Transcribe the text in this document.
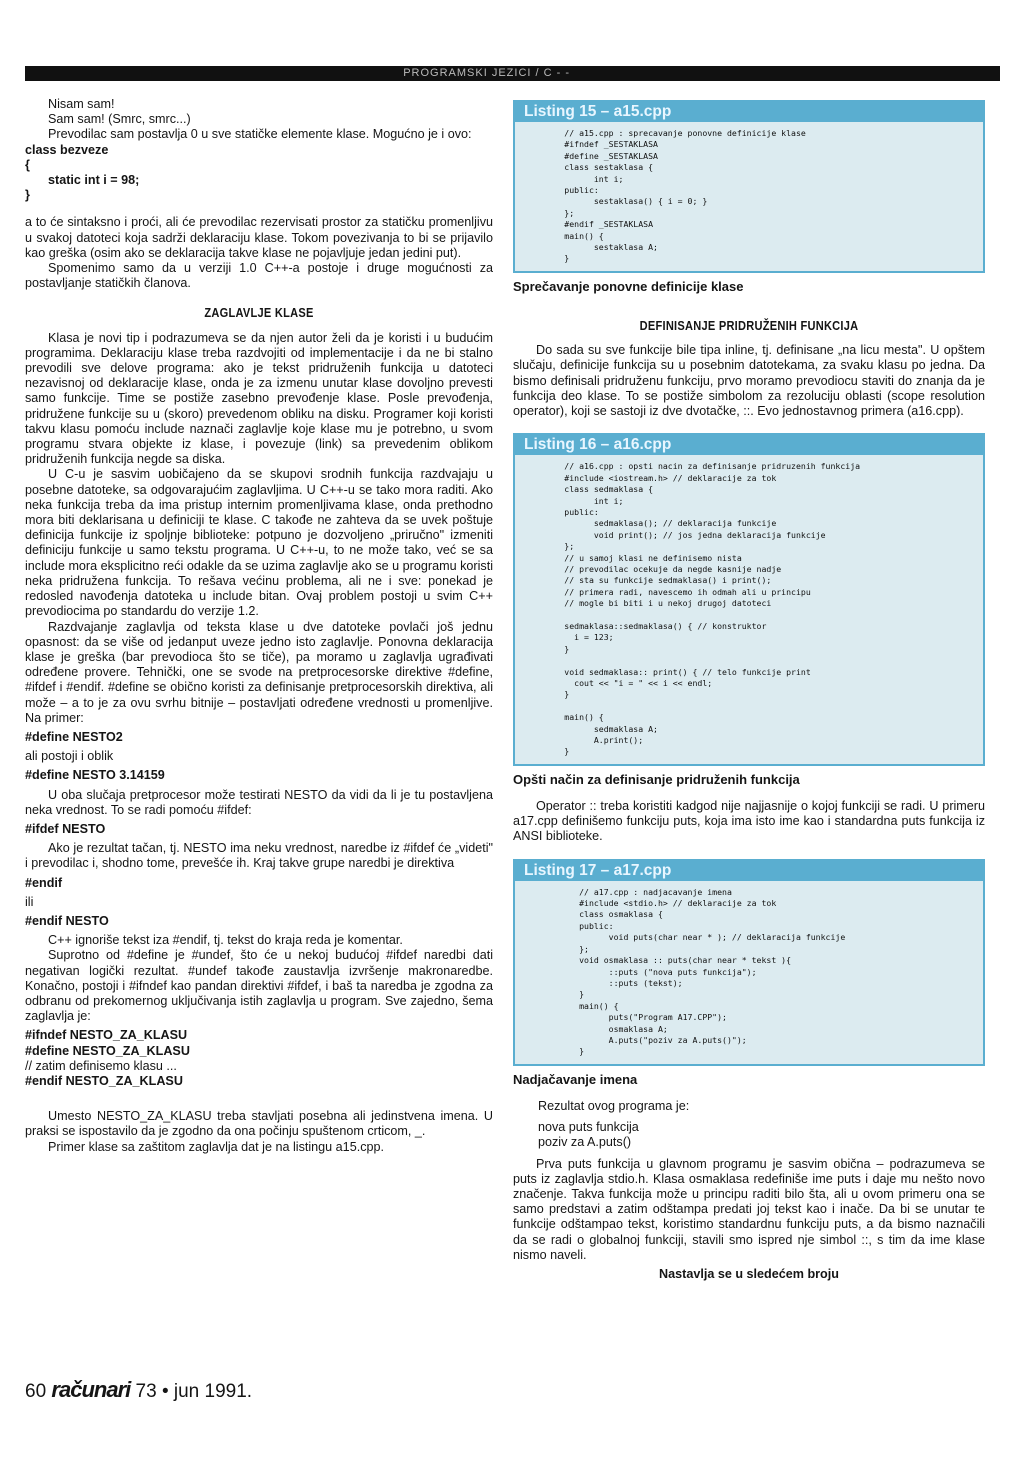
PROGRAMSKI JEZICI / C - -

Nisam sam!

Sam sam! (Smrc, smrc...)

Prevodilac sam postavlja 0 u sve statičke elemente klase. Mogućno je i ovo:

class bezveze

{

static int i = 98;

}

a to će sintaksno i proći, ali će prevodilac rezervisati prostor za statičku promenljivu u svakoj datoteci koja sadrži deklaraciju klase. Tokom povezivanja to bi se prijavilo kao greška (osim ako se deklaracija takve klase ne pojavljuje jedan jedini put).

Spomenimo samo da u verziji 1.0 C++-a postoje i druge mogućnosti za postavljanje statičkih članova.

ZAGLAVLJE KLASE

Klasa je novi tip i podrazumeva se da njen autor želi da je koristi i u budućim programima. Deklaraciju klase treba razdvojiti od implementacije i da ne bi stalno prevodili sve delove programa: ako je tekst pridruženih funkcija u datoteci nezavisnoj od deklaracije klase, onda je za izmenu unutar klase dovoljno prevesti samo funkcije. Time se postiže zasebno prevođenje klase. Posle prevođenja, pridružene funkcije su u (skoro) prevedenom obliku na disku. Programer koji koristi takvu klasu pomoću include naznači zaglavlje koje klase mu je potrebno, u svom programu stvara objekte iz klase, i povezuje (link) sa prevedenim oblikom pridruženih funkcija negde sa diska.

U C-u je sasvim uobičajeno da se skupovi srodnih funkcija razdvajaju u posebne datoteke, sa odgovarajućim zaglavljima. U C++-u se tako mora raditi. Ako neka funkcija treba da ima pristup internim promenljivama klase, onda prethodno mora biti deklarisana u definiciji te klase. C takođe ne zahteva da se uvek poštuje definicija funkcije iz spoljnje biblioteke: potpuno je dozvoljeno „priručno" izmeniti definiciju funkcije u samo tekstu programa. U C++-u, to ne može tako, već se sa include mora eksplicitno reći odakle da se uzima zaglavlje ako se u programu koristi neka pridružena funkcija. To rešava većinu problema, ali ne i sve: ponekad je redosled navođenja datoteka u include bitan. Ovaj problem postoji u svim C++ prevodiocima po standardu do verzije 1.2.

Razdvajanje zaglavlja od teksta klase u dve datoteke povlači još jednu opasnost: da se više od jedanput uveze jedno isto zaglavlje. Ponovna deklaracija klase je greška (bar prevodioca što se tiče), pa moramo u zaglavlja ugrađivati određene provere. Tehnički, one se svode na pretprocesorske direktive #define, #ifdef i #endif. #define se obično koristi za definisanje pretprocesorskih direktiva, ali može – a to je za ovu svrhu bitnije – postavljati određene vrednosti u promenljive. Na primer:

#define NESTO2

ali postoji i oblik

#define NESTO 3.14159

U oba slučaja pretprocesor može testirati NESTO da vidi da li je tu postavljena neka vrednost. To se radi pomoću #ifdef:

#ifdef NESTO

Ako je rezultat tačan, tj. NESTO ima neku vrednost, naredbe iz #ifdef će „videti" i prevodilac i, shodno tome, prevešće ih. Kraj takve grupe naredbi je direktiva

#endif

ili

#endif NESTO

C++ ignoriše tekst iza #endif, tj. tekst do kraja reda je komentar.

Suprotno od #define je #undef, što će u nekoj budućoj #ifdef naredbi dati negativan logički rezultat. #undef takođe zaustavlja izvršenje makronaredbe. Konačno, postoji i #ifndef kao pandan direktivi #ifdef, i baš ta naredba je zgodna za odbranu od prekomernog uključivanja istih zaglavlja u program. Sve zajedno, šema zaglavlja je:

#ifndef NESTO_ZA_KLASU

#define NESTO_ZA_KLASU

// zatim definisemo klasu ...

#endif NESTO_ZA_KLASU

Umesto NESTO_ZA_KLASU treba stavljati posebna ali jedinstvena imena. U praksi se ispostavilo da je zgodno da ona počinju spuštenom crticom, _.

Primer klase sa zaštitom zaglavlja dat je na listingu a15.cpp.

Listing 15 – a15.cpp
// a15.cpp : sprecavanje ponovne definicije klase
#ifndef _SESTAKLASA
#define _SESTAKLASA
class sestaklasa {
int i;
public:
sestaklasa() { i = 0; }
};
#endif _SESTAKLASA
main() {
sestaklasa A;
}

Sprečavanje ponovne definicije klase

DEFINISANJE PRIDRUŽENIH FUNKCIJA

Do sada su sve funkcije bile tipa inline, tj. definisane „na licu mesta". U opštem slučaju, definicije funkcija su u posebnim datotekama, za svaku klasu po jedna. Da bismo definisali pridruženu funkciju, prvo moramo prevodiocu staviti do znanja da je funkcija deo klase. To se postiže simbolom za rezoluciju oblasti (scope resolution operator), koji se sastoji iz dve dvotačke, ::. Evo jednostavnog primera (a16.cpp).

Listing 16 – a16.cpp
// a16.cpp : opsti nacin za definisanje pridruzenih funkcija
#include <iostream.h> // deklaracije za tok
class sedmaklasa {
int i;
public:
sedmaklasa(); // deklaracija funkcije
void print(); // jos jedna deklaracija funkcije
};
// u samoj klasi ne definisemo nista
// prevodilac ocekuje da negde kasnije nadje
// sta su funkcije sedmaklasa() i print();
// primera radi, navescemo ih odmah ali u principu
// mogle bi biti i u nekoj drugoj datoteci

sedmaklasa::sedmaklasa() { // konstruktor
i = 123;
}

void sedmaklasa:: print() { // telo funkcije print
cout << "i = " << i << endl;
}

main() {
sedmaklasa A;
A.print();
}

Opšti način za definisanje pridruženih funkcija

Operator :: treba koristiti kadgod nije najjasnije o kojoj funkciji se radi. U primeru a17.cpp definišemo funkciju puts, koja ima isto ime kao i standardna puts funkcija iz ANSI biblioteke.

Listing 17 – a17.cpp
// a17.cpp : nadjacavanje imena
#include <stdio.h> // deklaracije za tok
class osmaklasa {
public:
void puts(char near * ); // deklaracija funkcije
};
void osmaklasa :: puts(char near * tekst ){
::puts ("nova puts funkcija");
::puts (tekst);
}
main() {
puts("Program A17.CPP");
osmaklasa A;
A.puts("poziv za A.puts()");
}

Nadjačavanje imena

Rezultat ovog programa je:

nova puts funkcija

poziv za A.puts()

Prva puts funkcija u glavnom programu je sasvim obična – podrazumeva se puts iz zaglavlja stdio.h. Klasa osmaklasa redefiniše ime puts i daje mu nešto novo značenje. Takva funkcija može u principu raditi bilo šta, ali u ovom primeru ona se samo predstavi a zatim odštampa predati joj tekst kao i inače. Da bi se unutar te funkcije odštampao tekst, koristimo standardnu funkciju puts, a da bismo naznačili da se radi o globalnoj funkciji, stavili smo ispred nje simbol ::, s tim da ime klase nismo naveli.

Nastavlja se u sledećem broju

60 računari 73 • jun 1991.
